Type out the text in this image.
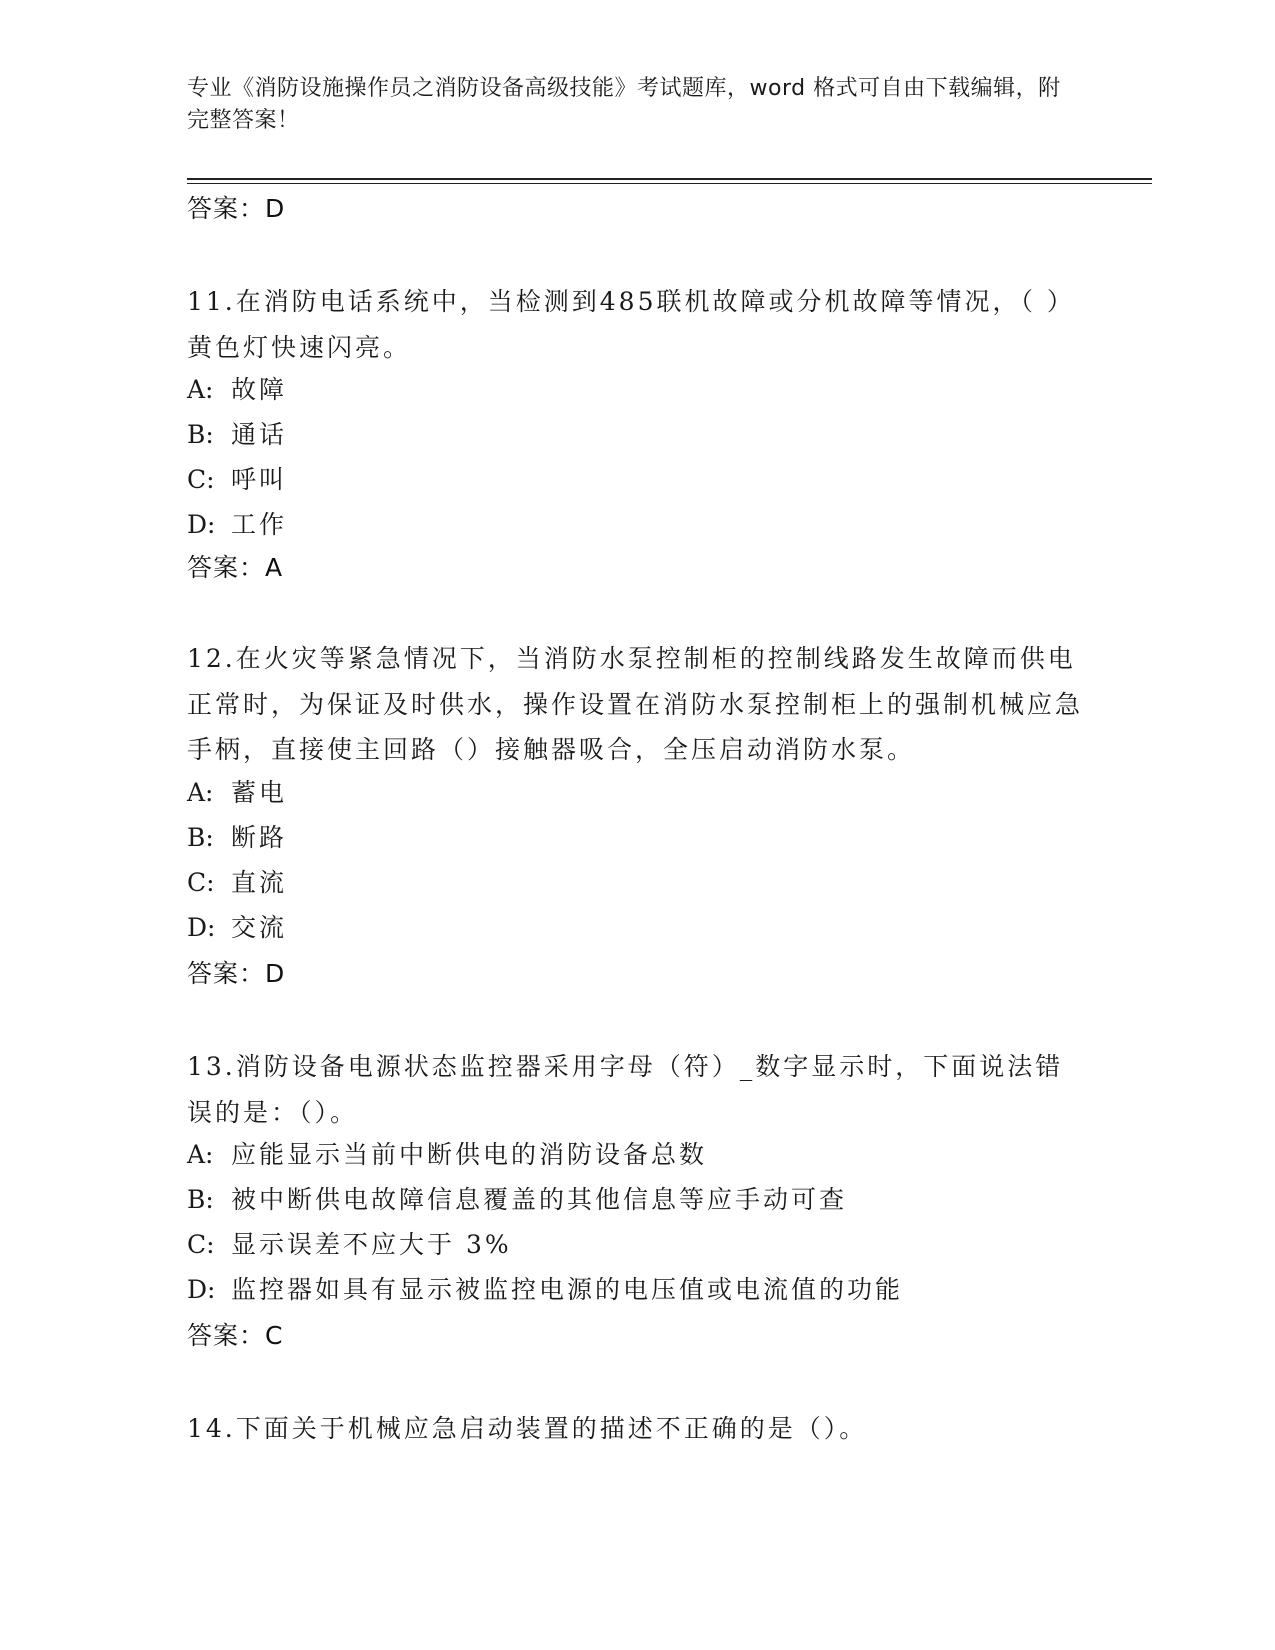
专业《消防设施操作员之消防设备高级技能》考试题库，word 格式可自由下载编辑，附完整答案！
答案：D
11.在消防电话系统中，当检测到485联机故障或分机故障等情况，（ ）黄色灯快速闪亮。
A: 故障
B: 通话
C: 呼叫
D: 工作
答案：A
12.在火灾等紧急情况下，当消防水泵控制柜的控制线路发生故障而供电正常时，为保证及时供水，操作设置在消防水泵控制柜上的强制机械应急手柄，直接使主回路（）接触器吸合，全压启动消防水泵。
A: 蓄电
B: 断路
C: 直流
D: 交流
答案：D
13.消防设备电源状态监控器采用字母（符）_数字显示时，下面说法错误的是：（）。
A: 应能显示当前中断供电的消防设备总数
B: 被中断供电故障信息覆盖的其他信息等应手动可查
C: 显示误差不应大于 3%
D: 监控器如具有显示被监控电源的电压值或电流值的功能
答案：C
14.下面关于机械应急启动装置的描述不正确的是（）。
